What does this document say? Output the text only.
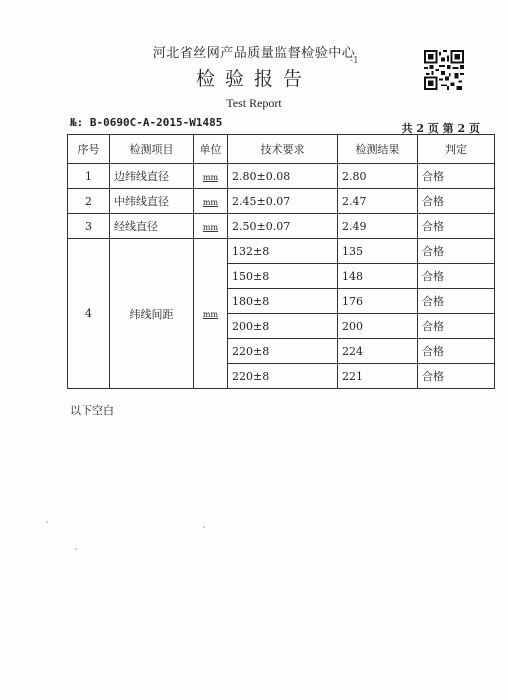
河北省丝网产品质量监督检验中心
检验报告
Test Report
-1
№: B-0690C-A-2015-W1485	共 2 页 第 2 页
序号	检测项目	单位	技术要求	检测结果	判定
1	边纬线直径	mm	2.80±0.08	2.80	合格
2	中纬线直径	mm	2.45±0.07	2.47	合格
3	经线直径	mm	2.50±0.07	2.49	合格
4	纬线间距	mm	132±8	135	合格
			150±8	148	合格
			180±8	176	合格
			200±8	200	合格
			220±8	224	合格
			220±8	221	合格
以下空白
